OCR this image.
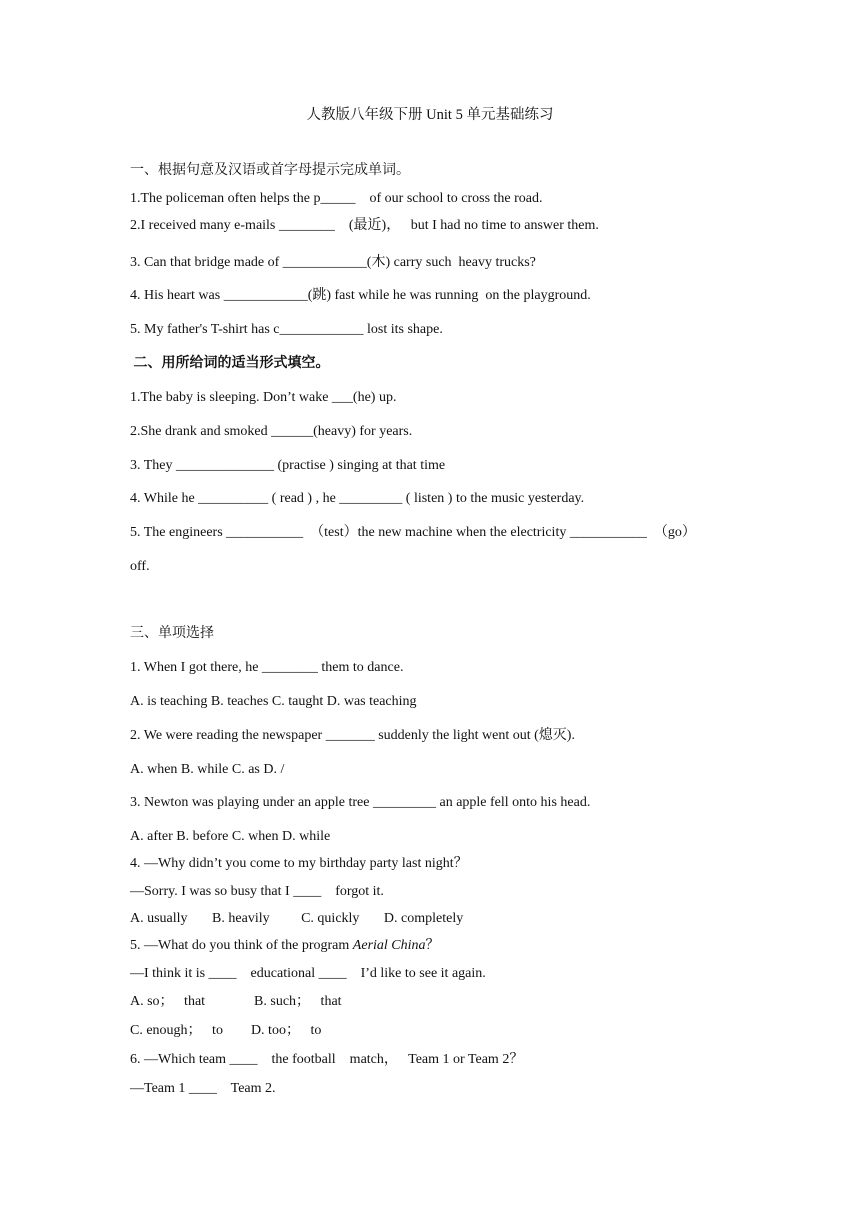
人教版八年级下册 Unit 5 单元基础练习
一、根据句意及汉语或首字母提示完成单词。
1.The policeman often helps the p_____    of our school to cross the road.
2.I received many e-mails ________    (最近)，   but I had no time to answer them.
3. Can that bridge made of ____________(木) carry such  heavy trucks?
4. His heart was ____________(跳) fast while he was running  on the playground.
5. My father's T-shirt has c____________ lost its shape.
二、用所给词的适当形式填空。
1.The baby is sleeping. Don’t wake ___(he) up.
2.She drank and smoked ______(heavy) for years.
3. They ______________ (practise ) singing at that time
4. While he __________ ( read ) , he _________ ( listen ) to the music yesterday.
5. The engineers ___________  （test）the new machine when the electricity ___________  （go）
off.
三、单项选择
1. When I got there, he ________ them to dance.
A. is teaching B. teaches C. taught D. was teaching
2. We were reading the newspaper _______ suddenly the light went out (熄灭).
A. when B. while C. as D. /
3. Newton was playing under an apple tree _________ an apple fell onto his head.
A. after B. before C. when D. while
4. —Why didn’t you come to my birthday party last night？
—Sorry. I was so busy that I ____    forgot it.
A. usually       B. heavily         C. quickly       D. completely
5. —What do you think of the program Aerial China？
—I think it is ____    educational ____    I’d like to see it again.
A. so；   that              B. such；   that
C. enough；   to        D. too；   to
6. —Which team ____    the football    match，   Team 1 or Team 2？
—Team 1 ____    Team 2.
